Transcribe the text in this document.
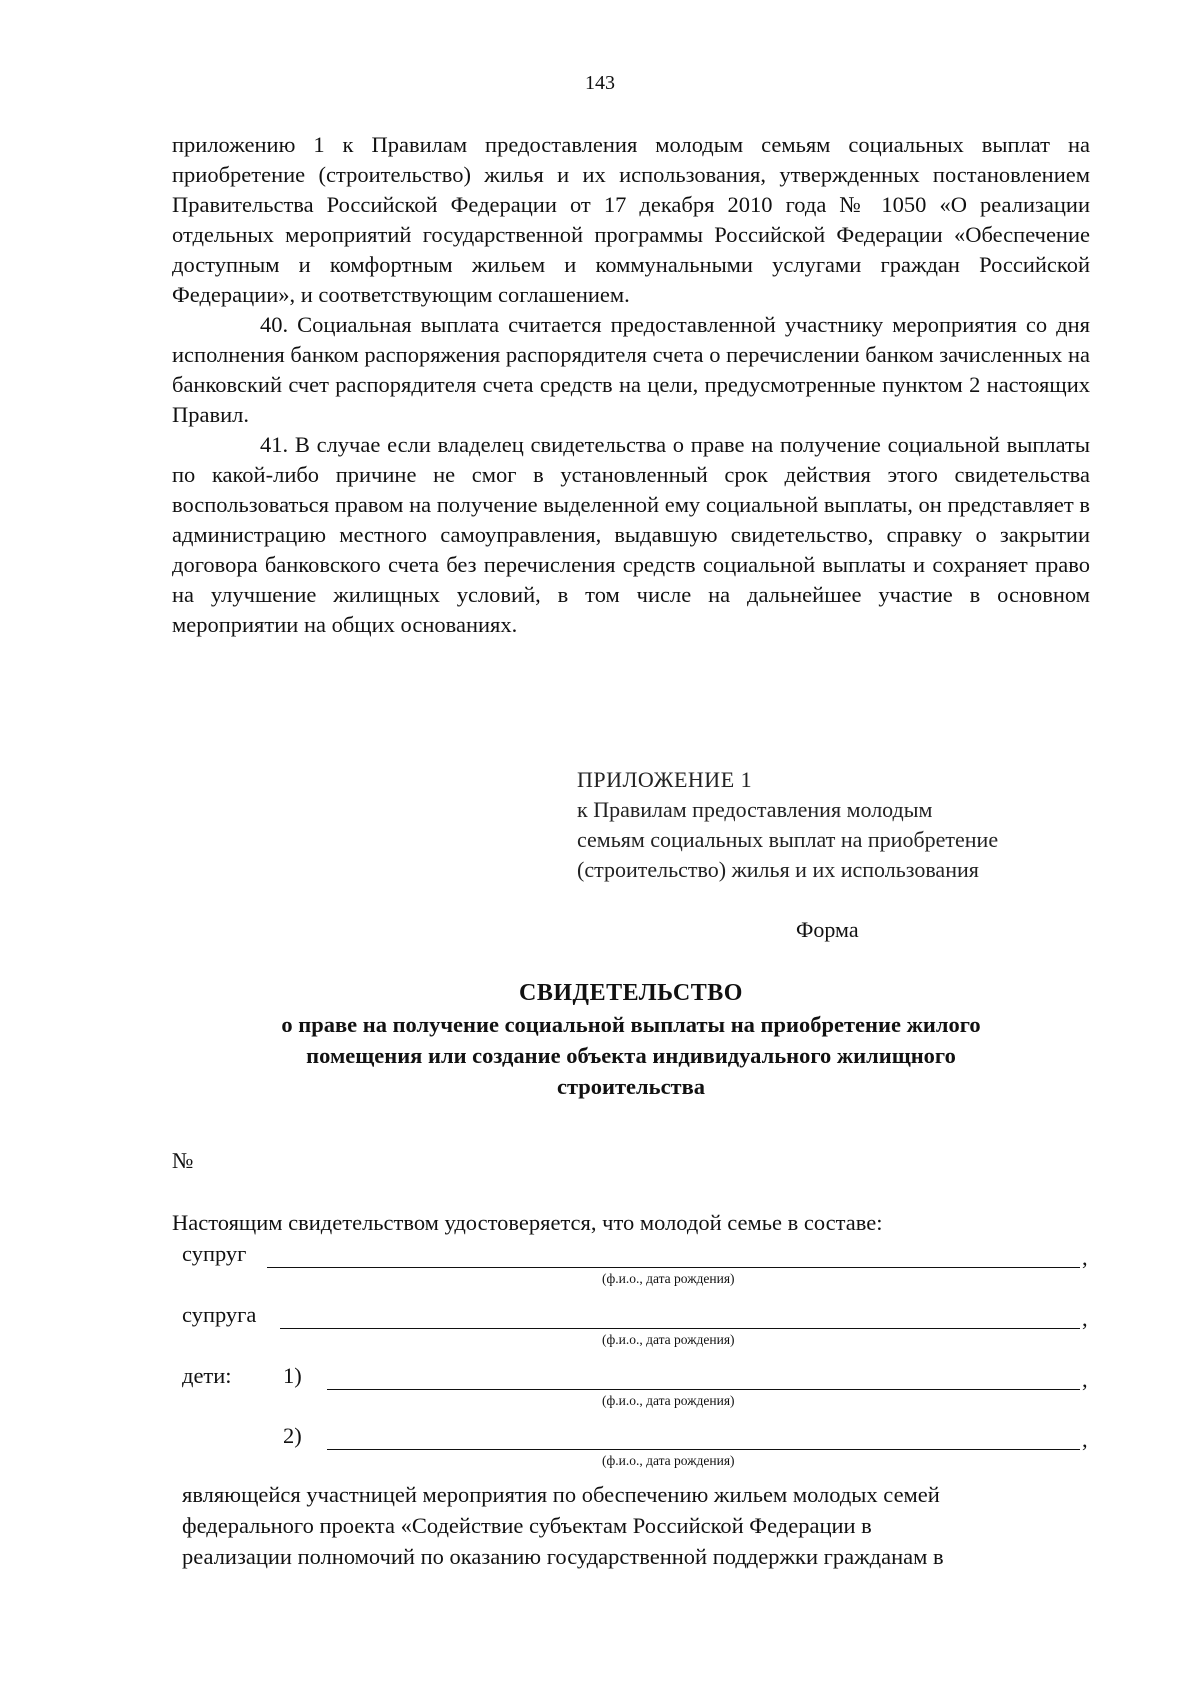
143

приложению 1 к Правилам предоставления молодым семьям социальных выплат на приобретение (строительство) жилья и их использования, утвержденных постановлением Правительства Российской Федерации от 17 декабря 2010 года № 1050 «О реализации отдельных мероприятий государственной программы Российской Федерации «Обеспечение доступным и комфортным жильем и коммунальными услугами граждан Российской Федерации», и соответствующим соглашением.

40. Социальная выплата считается предоставленной участнику мероприятия со дня исполнения банком распоряжения распорядителя счета о перечислении банком зачисленных на банковский счет распорядителя счета средств на цели, предусмотренные пунктом 2 настоящих Правил.

41. В случае если владелец свидетельства о праве на получение социальной выплаты по какой-либо причине не смог в установленный срок действия этого свидетельства воспользоваться правом на получение выделенной ему социальной выплаты, он представляет в администрацию местного самоуправления, выдавшую свидетельство, справку о закрытии договора банковского счета без перечисления средств социальной выплаты и сохраняет право на улучшение жилищных условий, в том числе на дальнейшее участие в основном мероприятии на общих основаниях.

ПРИЛОЖЕНИЕ 1
к Правилам предоставления молодым
семьям социальных выплат на приобретение
(строительство) жилья и их использования
Форма
СВИДЕТЕЛЬСТВО
о праве на получение социальной выплаты на приобретение жилого
помещения или создание объекта индивидуального жилищного
строительства
№
Настоящим свидетельством удостоверяется, что молодой семье в составе:
супруг	,
(ф.и.о., дата рождения)
супруга	,
(ф.и.о., дата рождения)
дети: 1)	,
(ф.и.о., дата рождения)
2)	,
(ф.и.о., дата рождения)

являющейся участницей мероприятия по обеспечению жильем молодых семей

федерального проекта «Содействие субъектам Российской Федерации в

реализации полномочий по оказанию государственной поддержки гражданам в
